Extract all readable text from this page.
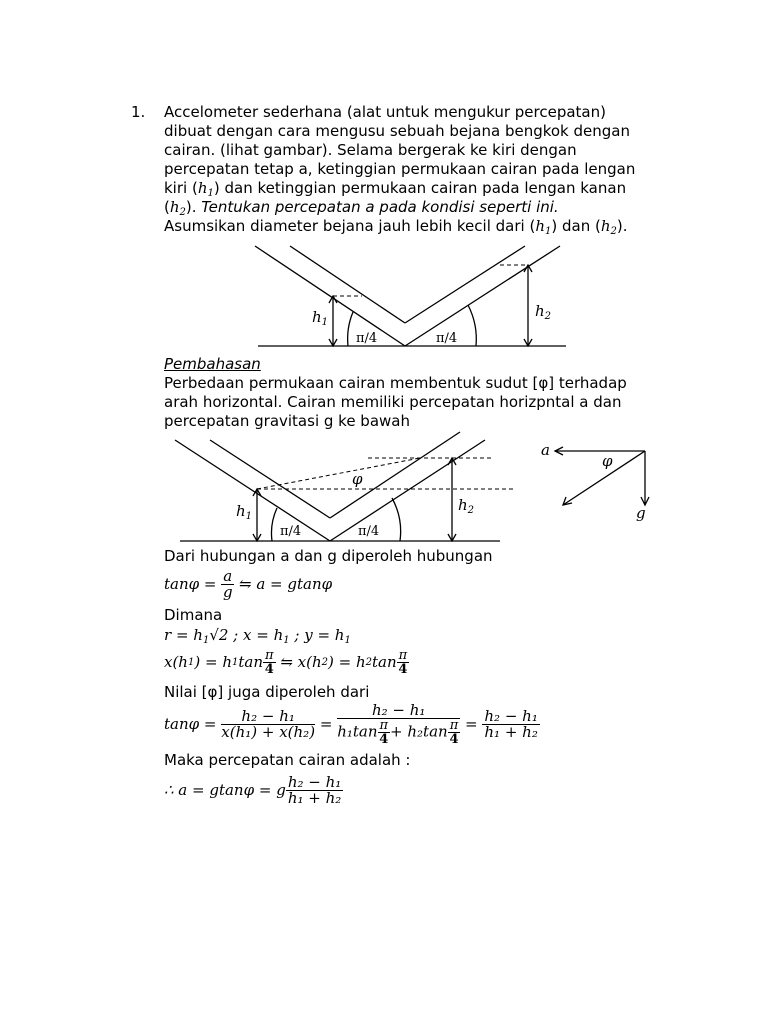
1. Accelometer sederhana (alat untuk mengukur percepatan)
dibuat dengan cara mengusu sebuah bejana bengkok dengan
cairan. (lihat gambar). Selama bergerak ke kiri dengan
percepatan tetap a, ketinggian permukaan cairan pada lengan
kiri $(h_1)$ dan ketinggian permukaan cairan pada lengan kanan
$(h_2)$. Tentukan percepatan a pada kondisi seperti ini.
Asumsikan diameter bejana jauh lebih kecil dari $(h_1)$ dan $(h_2)$.
$h_1$
$h_2$
π/4	π/4
Pembahasan
Perbedaan permukaan cairan membentuk sudut [φ] terhadap
arah horizontal. Cairan memiliki percepatan horizpntal a dan
percepatan gravitasi g ke bawah
$h_1$
$h_2$
φ
π/4	π/4
a
φ
g
Dari hubungan a dan g diperoleh hubungan
tanφ =
$\frac{a}{g}$
⇋ a = gtanφ
Dimana
$r = h_1√2$ ; $x = h_1$ ; $y = h_1$
x(h 1 ) = h 1 $\tan \frac{\pi}{4}$
⇋ x(h 2 ) = h 2 $\tan \frac{\pi}{4}$
Nilai [φ] juga diperoleh dari
tanφ =
$\frac{\text{h₂ − h₁}}{\text{x(h₁) + x(h₂)}}$
=
$\frac{\text{h₂ − h₁}}{h_1\tan \frac{\pi}{4} + h_2\tan \frac{\pi}{4}}$
=
$\frac{\text{h₂ − h₁}}{\text{h₁ + h₂}}$
Maka percepatan cairan adalah :
∴ a = gtanφ = g $\frac{\text{h₂ − h₁}}{\text{h₁ + h₂}}$
